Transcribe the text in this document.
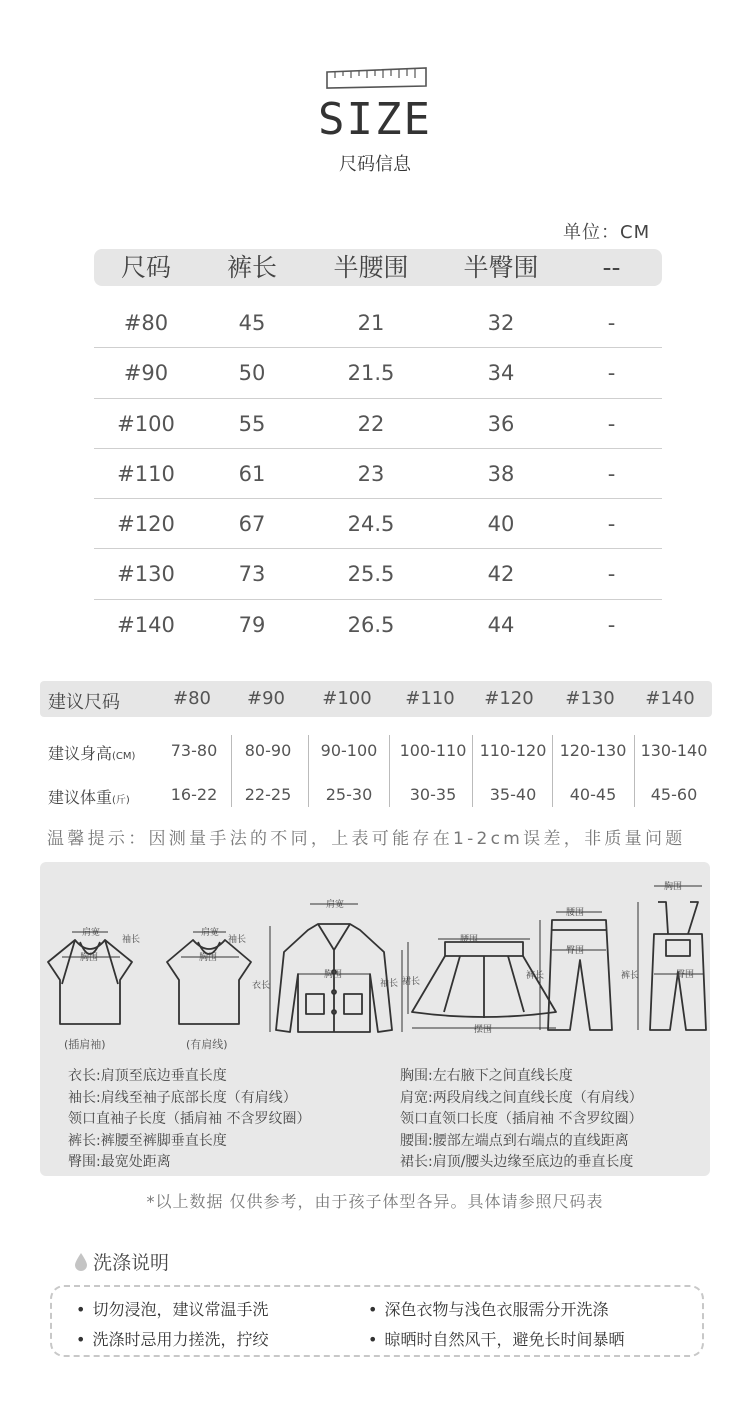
SIZE
尺码信息
单位：CM
尺码	裤长	半腰围	半臀围	--
#80	45	21	32	-
#90	50	21.5	34	-
#100	55	22	36	-
#110	61	23	38	-
#120	67	24.5	40	-
#130	73	25.5	42	-
#140	79	26.5	44	-
建议尺码	#80	#90	#100	#110	#120	#130	#140
建议身高(CM)	73-80	80-90	90-100	100-110 110-120 120-130 130-140
建议体重(斤)	16-22	22-25	25-30	30-35	35-40	40-45	45-60
温馨提示：因测量手法的不同，上表可能存在1-2cm误差，非质量问题
肩宽	肩宽
肩宽
袖长	袖长
袖长
胸围	胸围
胸围
衣长
腰围
裙长
摆围
腰围
裤长
臀围
胸围
裤长	臀围
(插肩袖)	(有肩线)
衣长:肩顶至底边垂直长度
袖长:肩线至袖子底部长度（有肩线）
领口直袖子长度（插肩袖 不含罗纹圈）
裤长:裤腰至裤脚垂直长度
臀围:最宽处距离
胸围:左右腋下之间直线长度
肩宽:两段肩线之间直线长度（有肩线）
领口直领口长度（插肩袖 不含罗纹圈）
腰围:腰部左端点到右端点的直线距离
裙长:肩顶/腰头边缘至底边的垂直长度
*以上数据 仅供参考，由于孩子体型各异。具体请参照尺码表
洗涤说明
• 切勿浸泡，建议常温手洗	• 深色衣物与浅色衣服需分开洗涤
• 洗涤时忌用力搓洗，拧绞	• 晾晒时自然风干，避免长时间暴晒
